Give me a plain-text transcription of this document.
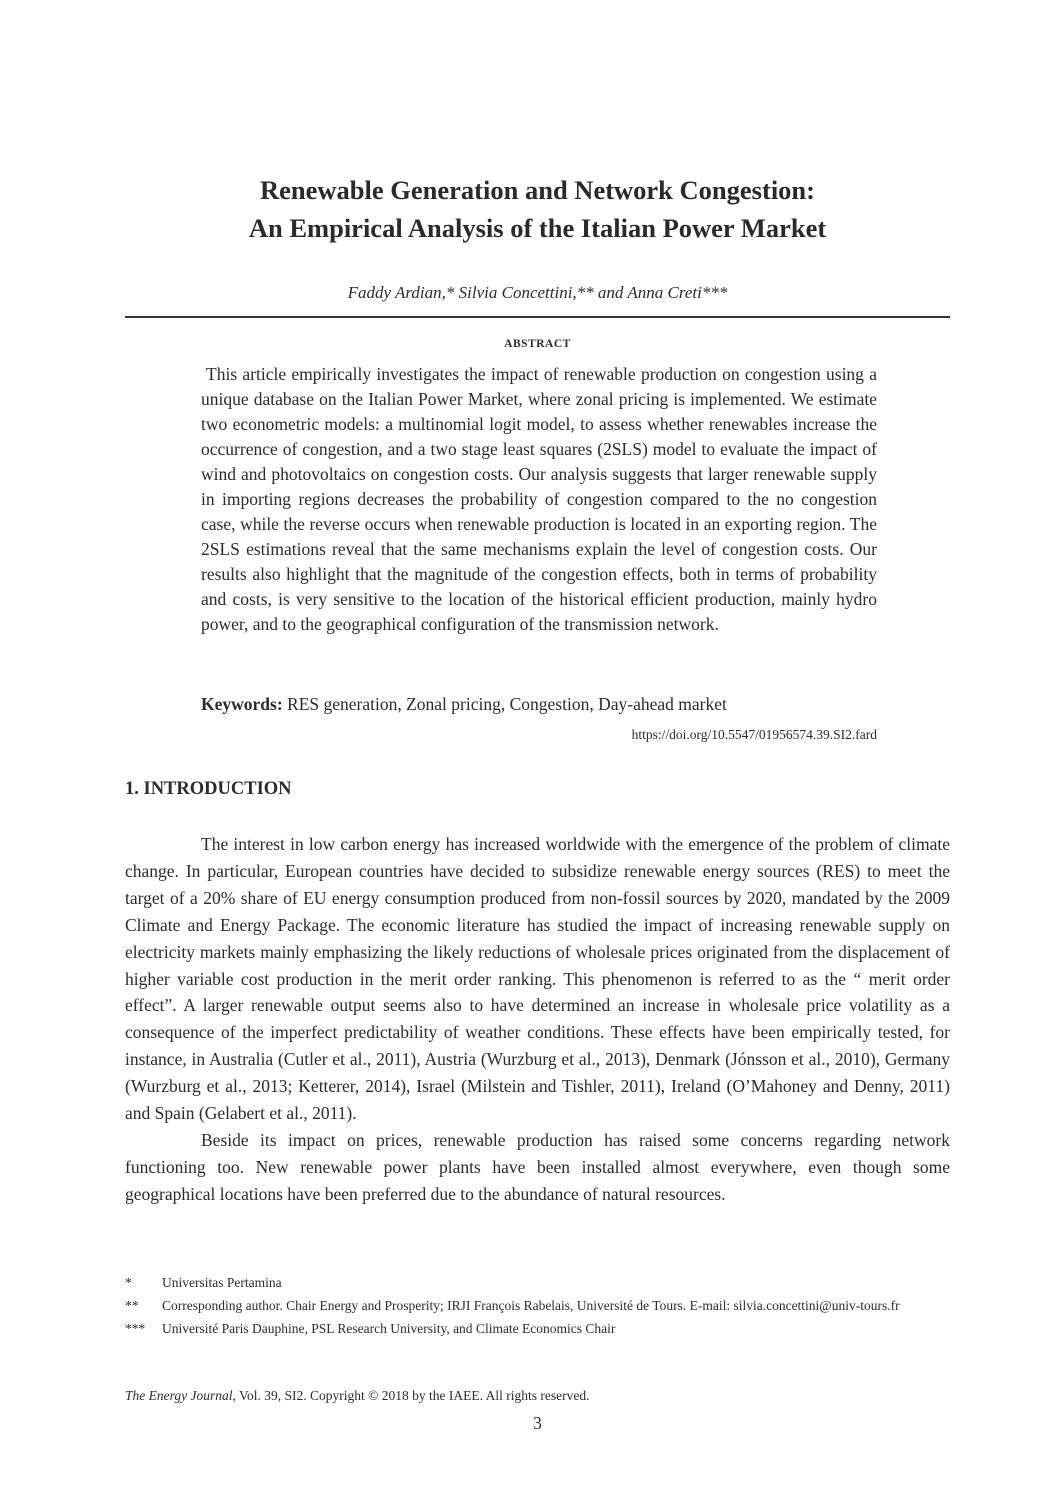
Renewable Generation and Network Congestion:
An Empirical Analysis of the Italian Power Market
Faddy Ardian,* Silvia Concettini,** and Anna Creti***
ABSTRACT
This article empirically investigates the impact of renewable production on congestion using a unique database on the Italian Power Market, where zonal pricing is implemented. We estimate two econometric models: a multinomial logit model, to assess whether renewables increase the occurrence of congestion, and a two stage least squares (2SLS) model to evaluate the impact of wind and photovoltaics on congestion costs. Our analysis suggests that larger renewable supply in importing regions decreases the probability of congestion compared to the no congestion case, while the reverse occurs when renewable production is located in an exporting region. The 2SLS estimations reveal that the same mechanisms explain the level of congestion costs. Our results also highlight that the magnitude of the congestion effects, both in terms of probability and costs, is very sensitive to the location of the historical efficient production, mainly hydro power, and to the geographical configuration of the transmission network.
Keywords: RES generation, Zonal pricing, Congestion, Day-ahead market
https://doi.org/10.5547/01956574.39.SI2.fard
1. INTRODUCTION

The interest in low carbon energy has increased worldwide with the emergence of the problem of climate change. In particular, European countries have decided to subsidize renewable energy sources (RES) to meet the target of a 20% share of EU energy consumption produced from non-fossil sources by 2020, mandated by the 2009 Climate and Energy Package. The economic literature has studied the impact of increasing renewable supply on electricity markets mainly emphasizing the likely reductions of wholesale prices originated from the displacement of higher variable cost production in the merit order ranking. This phenomenon is referred to as the “ merit order effect”. A larger renewable output seems also to have determined an increase in wholesale price volatility as a consequence of the imperfect predictability of weather conditions. These effects have been empirically tested, for instance, in Australia (Cutler et al., 2011), Austria (Wurzburg et al., 2013), Denmark (Jónsson et al., 2010), Germany (Wurzburg et al., 2013; Ketterer, 2014), Israel (Milstein and Tishler, 2011), Ireland (O’Mahoney and Denny, 2011) and Spain (Gelabert et al., 2011).

Beside its impact on prices, renewable production has raised some concerns regarding network functioning too. New renewable power plants have been installed almost everywhere, even though some geographical locations have been preferred due to the abundance of natural resources.

*	Universitas Pertamina
**	Corresponding author. Chair Energy and Prosperity; IRJI François Rabelais, Université de Tours. E-mail: silvia.concettini@univ-tours.fr
***	Université Paris Dauphine, PSL Research University, and Climate Economics Chair
The Energy Journal, Vol. 39, SI2. Copyright © 2018 by the IAEE. All rights reserved.
3
